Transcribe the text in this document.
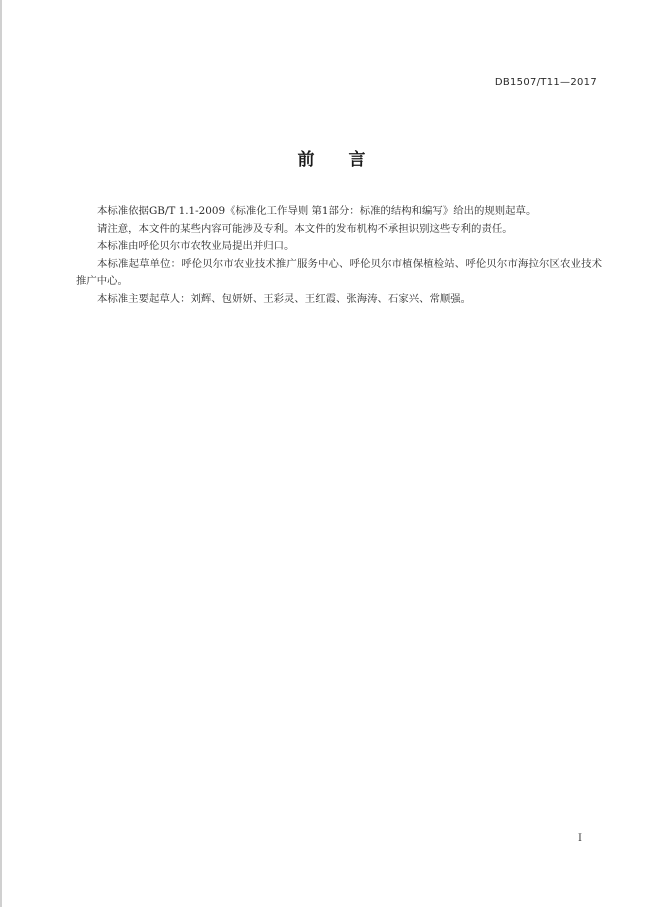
DB1507/T11—2017
前言

本标准依据GB/T 1.1-2009《标准化工作导则 第1部分：标准的结构和编写》给出的规则起草。

请注意，本文件的某些内容可能涉及专利。本文件的发布机构不承担识别这些专利的责任。

本标准由呼伦贝尔市农牧业局提出并归口。

本标准起草单位：呼伦贝尔市农业技术推广服务中心、呼伦贝尔市植保植检站、呼伦贝尔市海拉尔区农业技术推广中心。

本标准主要起草人：刘辉、包妍妍、王彩灵、王红霞、张海涛、石家兴、常顺强。

I
